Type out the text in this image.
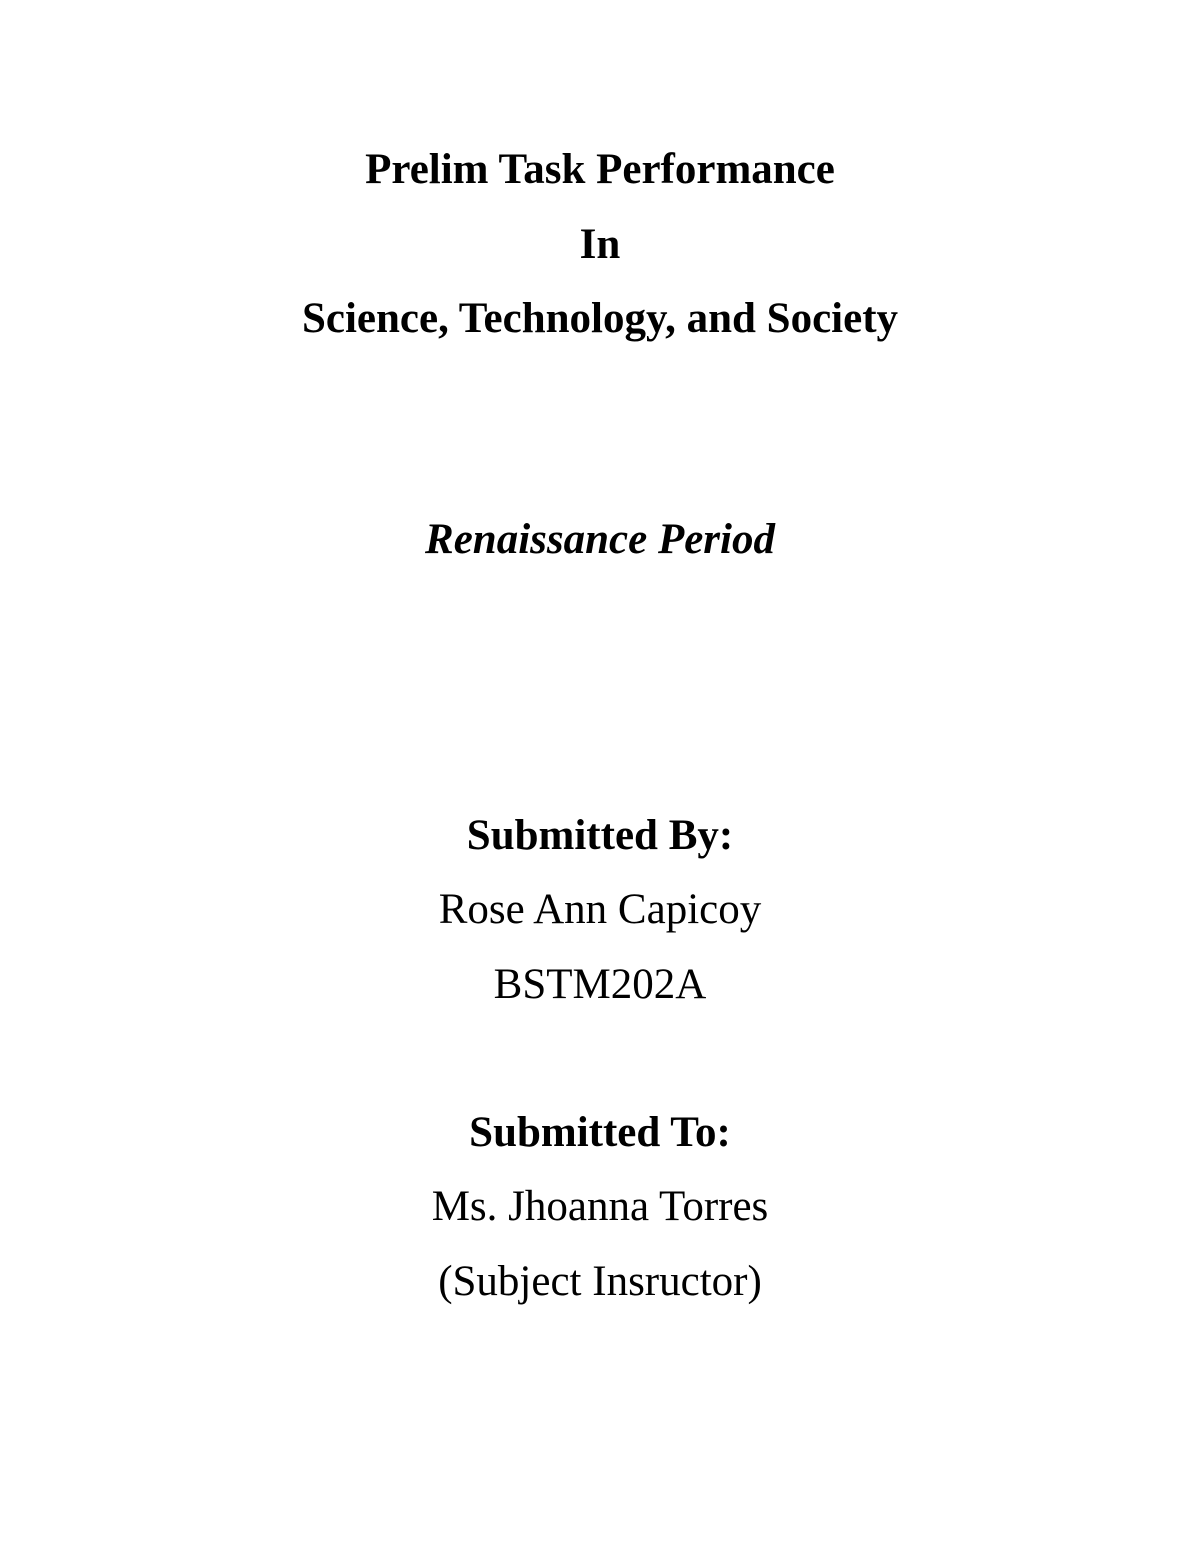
Prelim Task Performance
In
Science, Technology, and Society
Renaissance Period
Submitted By:
Rose Ann Capicoy
BSTM202A
Submitted To:
Ms. Jhoanna Torres
(Subject Insructor)
